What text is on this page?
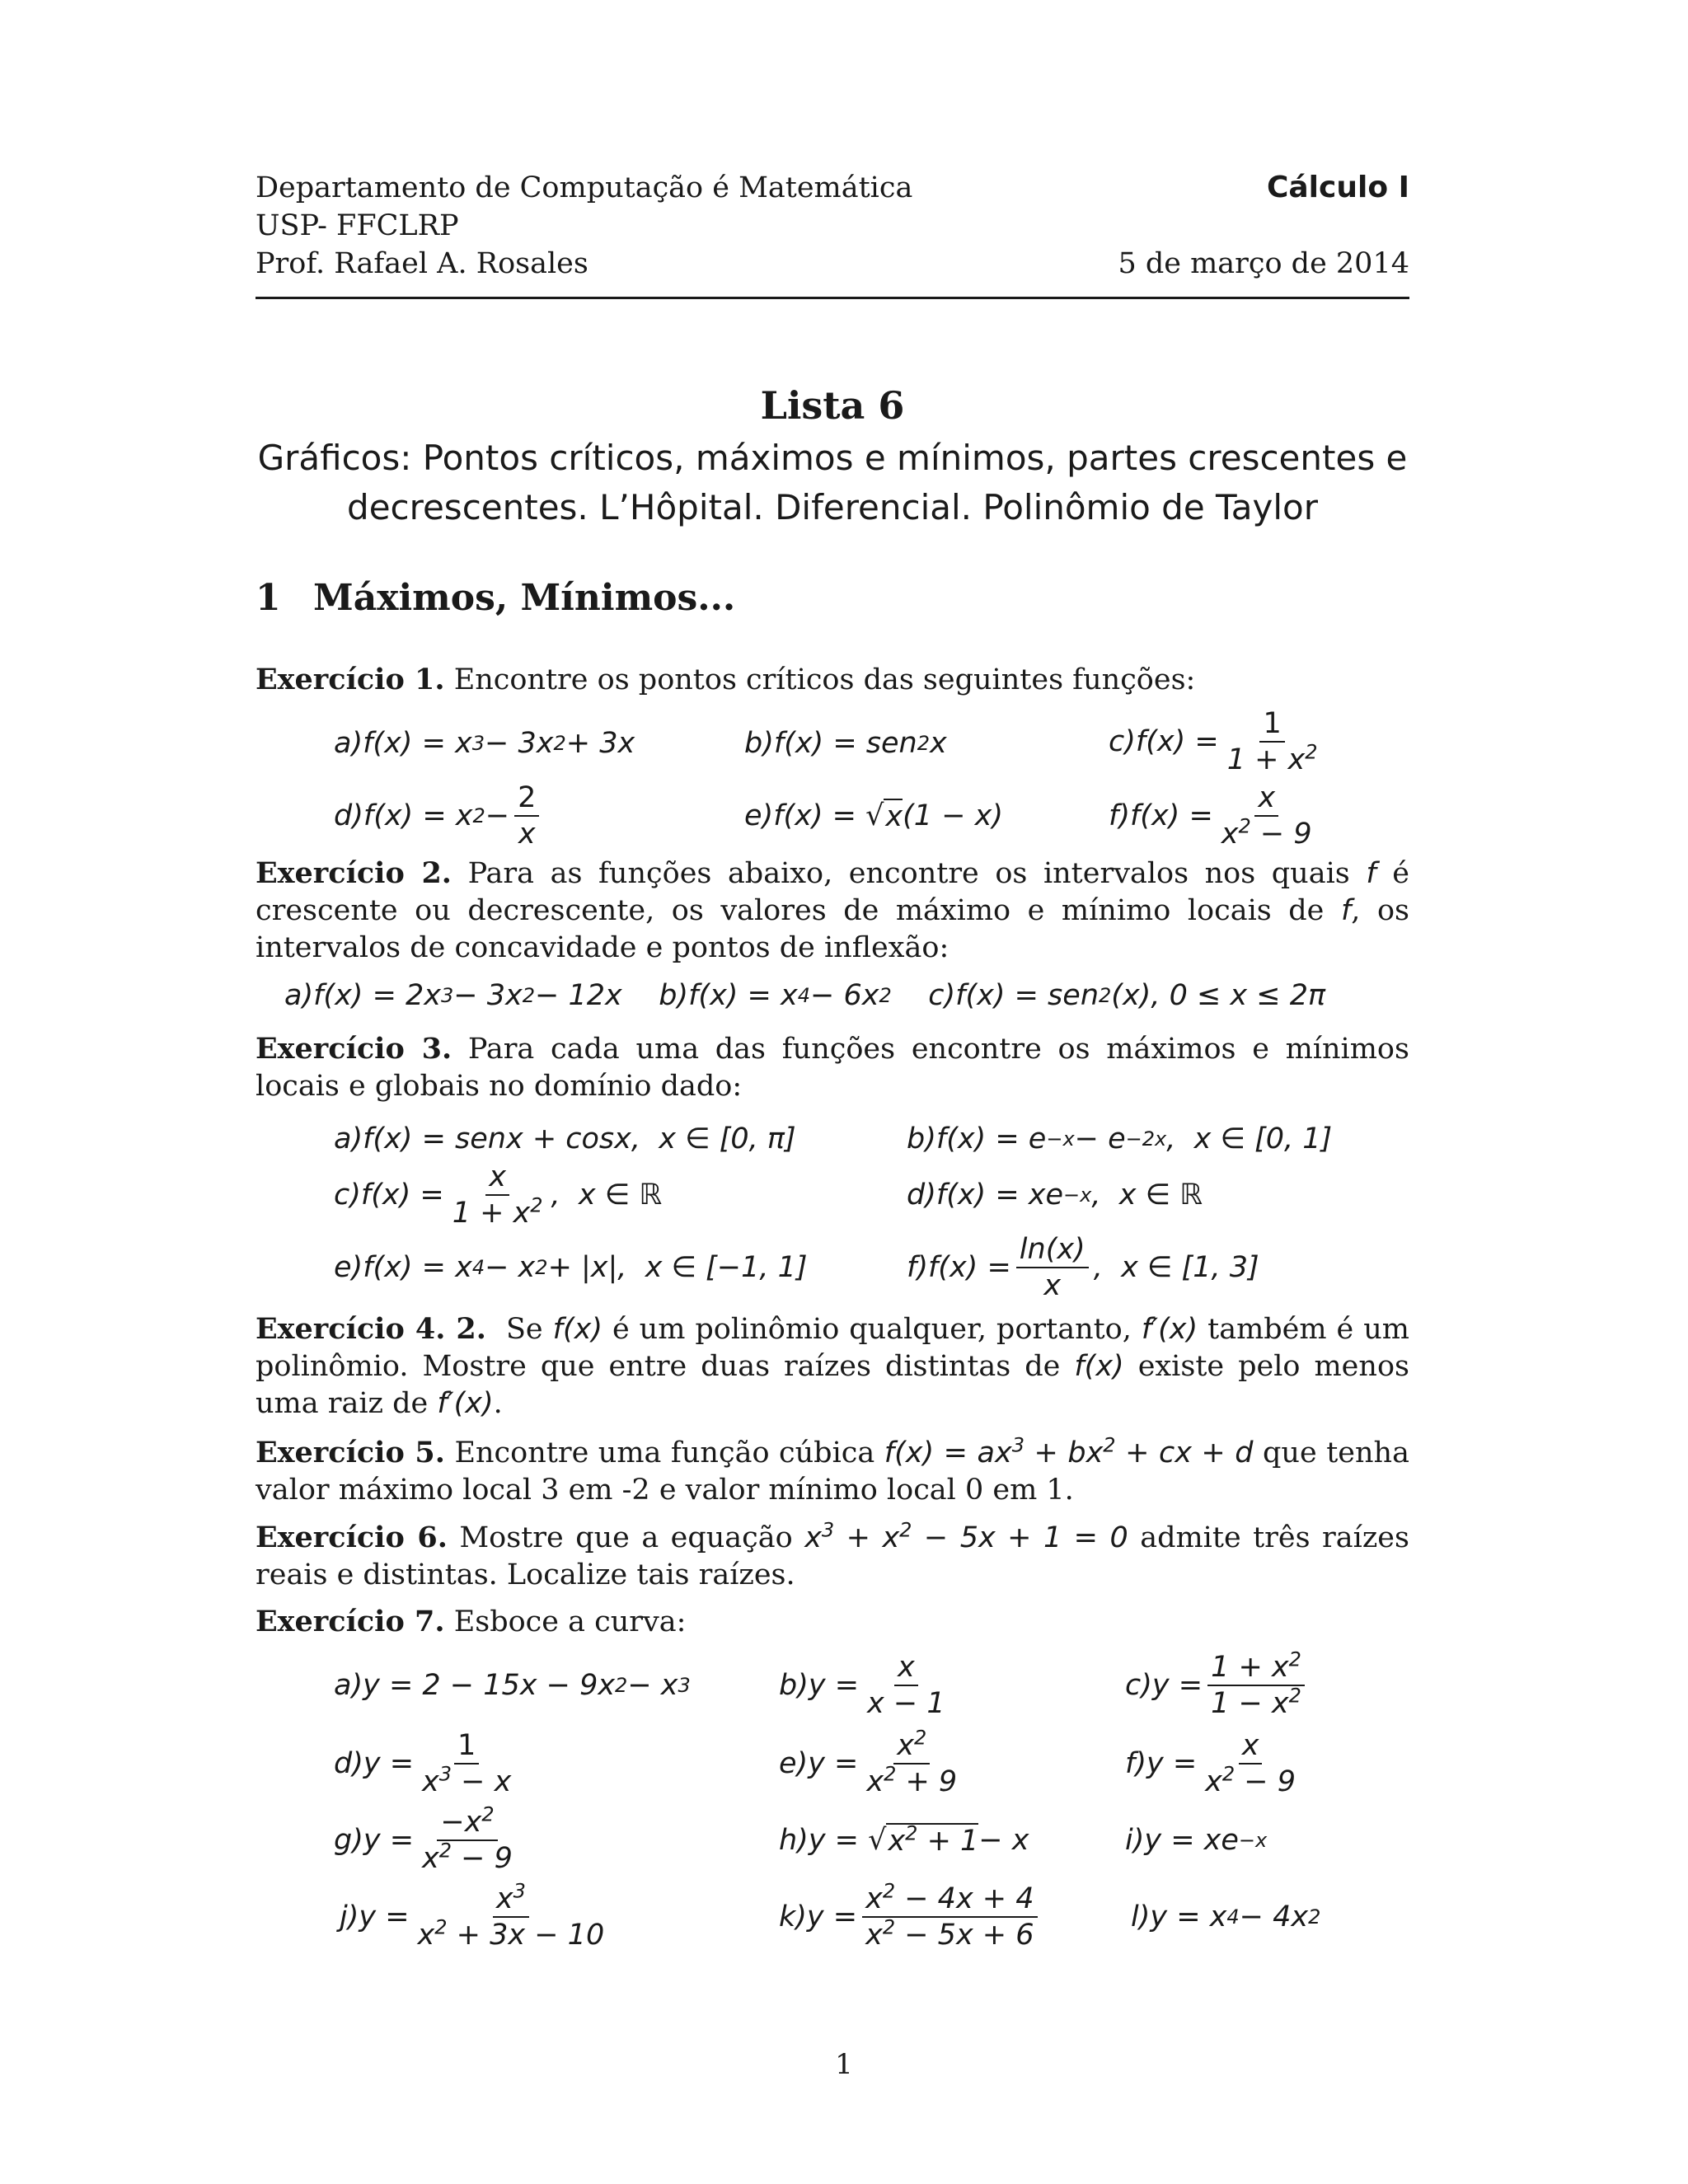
Departamento de Computação é Matemática	Cálculo I
USP- FFCLRP
Prof. Rafael A. Rosales	5 de março de 2014
Lista 6
Gráficos: Pontos críticos, máximos e mínimos, partes crescentes e
decrescentes. L’Hôpital. Diferencial. Polinômio de Taylor
1 Máximos, Mínimos...
Exercício 1. Encontre os pontos críticos das seguintes funções:
a)f(x) = x 3 − 3x 2 + 3x	b)f(x) = sen 2 x	$c)f(x) = \frac{1}{1 + x^2}$
d)f(x) = x $2 - \frac{2}{x}$	e)f(x) = √ x (1 − x)	$f)f(x) = \frac{x}{x^2 - 9}$
Exercício 2. Para as funções abaixo, encontre os intervalos nos quais f é crescente ou decrescente, os valores de máximo e mínimo locais de f, os intervalos de concavidade e pontos de inflexão:
a)f(x) = 2x 3 − 3x 2 − 12x    b)f(x) = x 4 − 6x 2 c)f(x) = sen 2 (x), 0 ≤ x ≤ 2π
Exercício 3. Para cada uma das funções encontre os máximos e mínimos locais e globais no domínio dado:
a)f(x) = senx + cosx,  x ∈ [0, π]	b)f(x) = e −x − e −2x ,  x ∈ [0, 1]
$c)f(x) = \frac{x}{1 + x^2}$ ,  x ∈ ℝ	d)f(x) = xe −x ,  x ∈ ℝ
e)f(x) = x 4 − x 2 + |x|,  x ∈ [−1, 1]	$f)f(x) = \frac{\ln(x)}{x}$ ,  x ∈ [1, 3]
Exercício 4. 2. Se f(x) é um polinômio qualquer, portanto, f′(x) também é um polinômio. Mostre que entre duas raízes distintas de f(x) existe pelo menos uma raiz de f′(x).
Exercício 5. Encontre uma função cúbica $f(x) = ax^3 + bx^2$ + cx + d que tenha valor máximo local 3 em -2 e valor mínimo local 0 em 1.
Exercício 6. Mostre que a equação $x^3 + x^2 - 5x + 1 = 0$ admite três raízes reais e distintas. Localize tais raízes.
Exercício 7. Esboce a curva:
a)y = 2 − 15x − 9x 2 − x 3	$b)y = \frac{x}{x - 1}$	$c)y = \frac{1 + x^2}{1 - x^2}$
$d)y = \frac{1}{x^3 - x}$	$e)y = \frac{x^2}{x^2 + 9}$	$f)y = \frac{x}{x^2 - 9}$
$g)y = \frac{-x^2}{x^2 - 9}$	h)y = √ $x^2 + 1 - x$	i)y = xe −x
$j)y = \frac{x^3}{x^2 + 3x - 10}$	$k)y = \frac{x^2 - 4x + 4}{x^2 - 5x + 6}$	l)y = x 4 − 4x 2
1
